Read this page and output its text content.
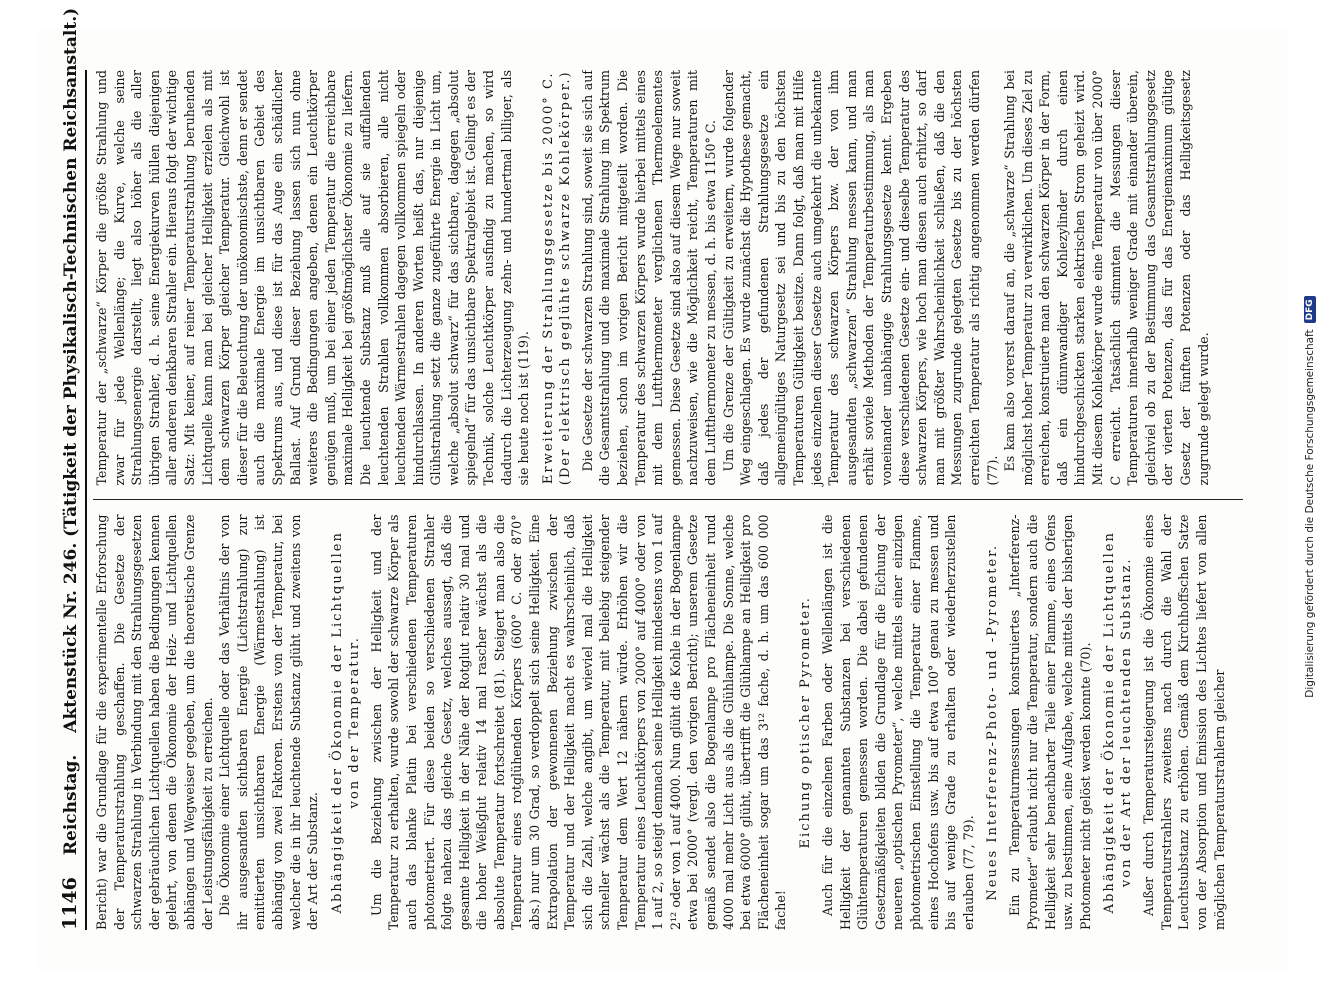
1146
Reichstag.
Aktenstück Nr. 246. (Tätigkeit der Physikalisch-Technischen Reichsanstalt.) Bericht) war die Grundlage für die experimentelle Erforschung der Temperaturstrahlung geschaffen. Die Gesetze der schwarzen Strahlung in Verbindung mit den Strahlungsgesetzen der gebräuchlichen Lichtquellen haben die Bedingungen kennen gelehrt, von denen die Ökonomie der Heiz- und Lichtquellen abhängen und Wegweiser gegeben, um die theoretische Grenze der Leistungsfähigkeit zu erreichen. Die Ökonomie einer Lichtquelle oder das Verhältnis der von ihr ausgesandten sichtbaren Energie (Lichtstrahlung) zur emittierten unsichtbaren Energie (Wärmestrahlung) ist abhängig von zwei Faktoren. Erstens von der Temperatur, bei welcher die in ihr leuchtende Substanz glüht und zweitens von der Art der Substanz. Abhängigkeit der Ökonomie der Lichtquellen von der Temperatur. Um die Beziehung zwischen der Helligkeit und der Temperatur zu erhalten, wurde sowohl der schwarze Körper als auch das blanke Platin bei verschiedenen Temperaturen photometriert. Für diese beiden so verschiedenen Strahler folgte nahezu das gleiche Gesetz, welches aussagt, daß die gesamte Helligkeit in der Nähe der Rotglut relativ 30 mal und die hoher Weißglut relativ 14 mal rascher wächst als die absolute Temperatur fortschreitet (81). Steigert man also die Temperatur eines rotglühenden Körpers (600° C. oder 870° abs.) nur um 30 Grad, so verdoppelt sich seine Helligkeit. Eine Extrapolation der gewonnenen Beziehung zwischen der Temperatur und der Helligkeit macht es wahrscheinlich, daß sich die Zahl, welche angibt, um wieviel mal die Helligkeit schneller wächst als die Temperatur, mit beliebig steigender Temperatur dem Wert 12 nähern würde. Erhöhen wir die Temperatur eines Leuchtkörpers von 2000° auf 4000° oder von 1 auf 2, so steigt demnach seine Helligkeit mindestens von 1 auf 2¹² oder von 1 auf 4000. Nun glüht die Kohle in der Bogenlampe etwa bei 2000° (vergl. den vorigen Bericht); unserem Gesetze gemäß sendet also die Bogenlampe pro Flächeneinheit rund 4000 mal mehr Licht aus als die Glühlampe. Die Sonne, welche bei etwa 6000° glüht, übertrifft die Glühlampe an Helligkeit pro Flächeneinheit sogar um das 3¹² fache, d. h. um das 600 000 fache!

Eichung optischer Pyrometer. Auch für die einzelnen Farben oder Wellenlängen ist die Helligkeit der genannten Substanzen bei verschiedenen Glühtemperaturen gemessen worden. Die dabei gefundenen Gesetzmäßigkeiten bilden die Grundlage für die Eichung der neueren „optischen Pyrometer“, welche mittels einer einzigen photometrischen Einstellung die Temperatur einer Flamme, eines Hochofens usw. bis auf etwa 100° genau zu messen und bis auf wenige Grade zu erhalten oder wiederherzustellen erlauben (77, 79). Neues Interferenz-Photo- und -Pyrometer. Ein zu Temperaturmessungen konstruiertes „Interferenz-Pyrometer“ erlaubt nicht nur die Temperatur, sondern auch die Helligkeit sehr benachbarter Teile einer Flamme, eines Ofens usw. zu bestimmen, eine Aufgabe, welche mittels der bisherigen Photometer nicht gelöst werden konnte (70). Abhängigkeit der Ökonomie der Lichtquellen von der Art der leuchtenden Substanz. Außer durch Temperatursteigerung ist die Ökonomie eines Temperaturstrahlers zweitens nach durch die Wahl der Leuchtsubstanz zu erhöhen. Gemäß dem Kirchhoffschen Satze von der Absorption und Emission des Lichtes liefert von allen möglichen Temperaturstrahlern gleicher

Temperatur der „schwarze“ Körper die größte Strahlung und zwar für jede Wellenlänge; die Kurve, welche seine Strahlungsenergie darstellt, liegt also höher als die aller übrigen Strahler, d. h. seine Energiekurven hüllen diejenigen aller anderen denkbaren Strahler ein. Hieraus folgt der wichtige Satz: Mit keiner, auf reiner Temperaturstrahlung beruhenden Lichtquelle kann man bei gleicher Helligkeit erzielen als mit dem schwarzen Körper gleicher Temperatur. Gleichwohl ist dieser für die Beleuchtung der unökonomischste, denn er sendet auch die maximale Energie im unsichtbaren Gebiet des Spektrums aus, und diese ist für das Auge ein schädlicher Ballast. Auf Grund dieser Beziehung lassen sich nun ohne weiteres die Bedingungen angeben, denen ein Leuchtkörper genügen muß, um bei einer jeden Temperatur die erreichbare maximale Helligkeit bei größtmöglichster Ökonomie zu liefern. Die leuchtende Substanz muß alle auf sie auffallenden leuchtenden Strahlen vollkommen absorbieren, alle nicht leuchtenden Wärmestrahlen dagegen vollkommen spiegeln oder hindurchlassen. In anderen Worten heißt das, nur diejenige Glühstrahlung setzt die ganze zugeführte Energie in Licht um, welche „absolut schwarz“ für das sichtbare, dagegen „absolut spiegelnd“ für das unsichtbare Spektralgebiet ist. Gelingt es der Technik, solche Leuchtkörper ausfindig zu machen, so wird dadurch die Lichterzeugung zehn- und hundertmal billiger, als sie heute noch ist (119). Erweiterung der Strahlungsgesetze bis 2000° C. (Der elektrisch geglühte schwarze Kohlekörper.) Die Gesetze der schwarzen Strahlung sind, soweit sie sich auf die Gesamtstrahlung und die maximale Strahlung im Spektrum beziehen, schon im vorigen Bericht mitgeteilt worden. Die Temperatur des schwarzen Körpers wurde hierbei mittels eines mit dem Luftthermometer verglichenen Thermoelementes gemessen. Diese Gesetze sind also auf diesem Wege nur soweit nachzuweisen, wie die Möglichkeit reicht, Temperaturen mit dem Luftthermometer zu messen, d. h. bis etwa 1150° C. Um die Grenze der Gültigkeit zu erweitern, wurde folgender Weg eingeschlagen. Es wurde zunächst die Hypothese gemacht, daß jedes der gefundenen Strahlungsgesetze ein allgemeingültiges Naturgesetz sei und bis zu den höchsten Temperaturen Gültigkeit besitze. Dann folgt, daß man mit Hilfe jedes einzelnen dieser Gesetze auch umgekehrt die unbekannte Temperatur des schwarzen Körpers bzw. der von ihm ausgesandten „schwarzen“ Strahlung messen kann, und man erhält soviele Methoden der Temperaturbestimmung, als man voneinander unabhängige Strahlungsgesetze kennt. Ergeben diese verschiedenen Gesetze ein- und dieselbe Temperatur des schwarzen Körpers, wie hoch man diesen auch erhitzt, so darf man mit größter Wahrscheinlichkeit schließen, daß die den Messungen zugrunde gelegten Gesetze bis zu der höchsten erreichten Temperatur als richtig angenommen werden dürfen (77). Es kam also vorerst darauf an, die „schwarze“ Strahlung bei möglichst hoher Temperatur zu verwirklichen. Um dieses Ziel zu erreichen, konstruierte man den schwarzen Körper in der Form, daß ein dünnwandiger Kohlezylinder durch einen hindurchgeschickten starken elektrischen Strom geheizt wird. Mit diesem Kohlekörper wurde eine Temperatur von über 2000° C erreicht. Tatsächlich stimmten die Messungen dieser Temperaturen innerhalb weniger Grade mit einander überein, gleichviel ob zu der Bestimmung das Gesamtstrahlungsgesetz der vierten Potenzen, das für das Energiemaximum gültige Gesetz der fünften Potenzen oder das Helligkeitsgesetz zugrunde gelegt wurde.	Digitalisierung gefördert durch die Deutsche Forschungsgemeinschaft
DFG
